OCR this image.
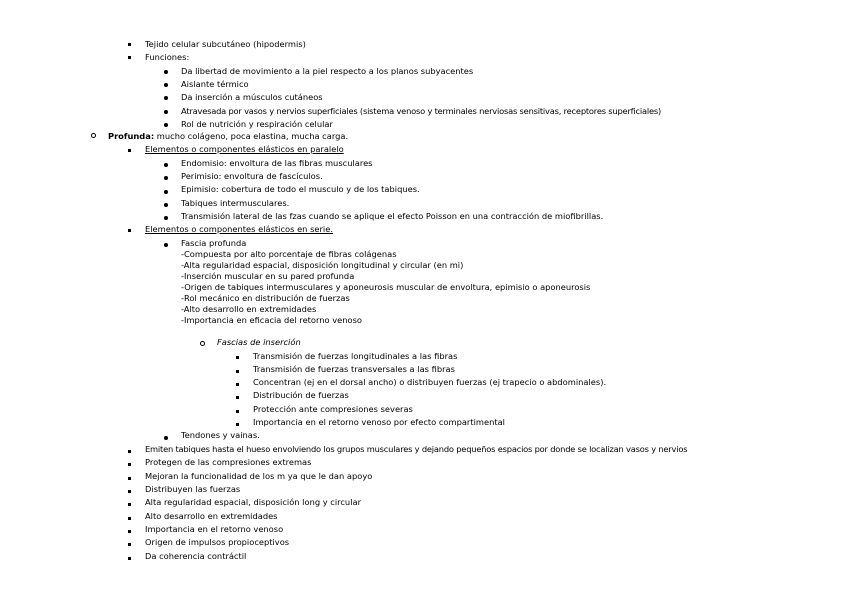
Tejido celular subcutáneo (hipodermis)
Funciones:
Da libertad de movimiento a la piel respecto a los planos subyacentes
Aislante térmico
Da inserción a músculos cutáneos
Atravesada por vasos y nervios superficiales (sistema venoso y terminales nerviosas sensitivas, receptores superficiales)
Rol de nutrición y respiración celular
Profunda: mucho colágeno, poca elastina, mucha carga.
Elementos o componentes elásticos en paralelo
Endomisio: envoltura de las fibras musculares
Perimisio: envoltura de fascículos.
Epimisio: cobertura de todo el musculo y de los tabiques.
Tabiques intermusculares.
Transmisión lateral de las fzas cuando se aplique el efecto Poisson en una contracción de miofibrillas.
Elementos o componentes elásticos en serie.
Fascia profunda
-Compuesta por alto porcentaje de fibras colágenas
-Alta regularidad espacial, disposición longitudinal y circular (en mi)
-Inserción muscular en su pared profunda
-Origen de tabiques intermusculares y aponeurosis muscular de envoltura, epimisio o aponeurosis
-Rol mecánico en distribución de fuerzas
-Alto desarrollo en extremidades
-Importancia en eficacia del retorno venoso
Fascias de inserción
Transmisión de fuerzas longitudinales a las fibras
Transmisión de fuerzas transversales a las fibras
Concentran (ej en el dorsal ancho) o distribuyen fuerzas (ej trapecio o abdominales).
Distribución de fuerzas
Protección ante compresiones severas
Importancia en el retorno venoso por efecto compartimental
Tendones y vainas.
Emiten tabiques hasta el hueso envolviendo los grupos musculares y dejando pequeños espacios por donde se localizan vasos y nervios
Protegen de las compresiones extremas
Mejoran la funcionalidad de los m ya que le dan apoyo
Distribuyen las fuerzas
Alta regularidad espacial, disposición long y circular
Alto desarrollo en extremidades
Importancia en el retorno venoso
Origen de impulsos propioceptivos
Da coherencia contráctil
